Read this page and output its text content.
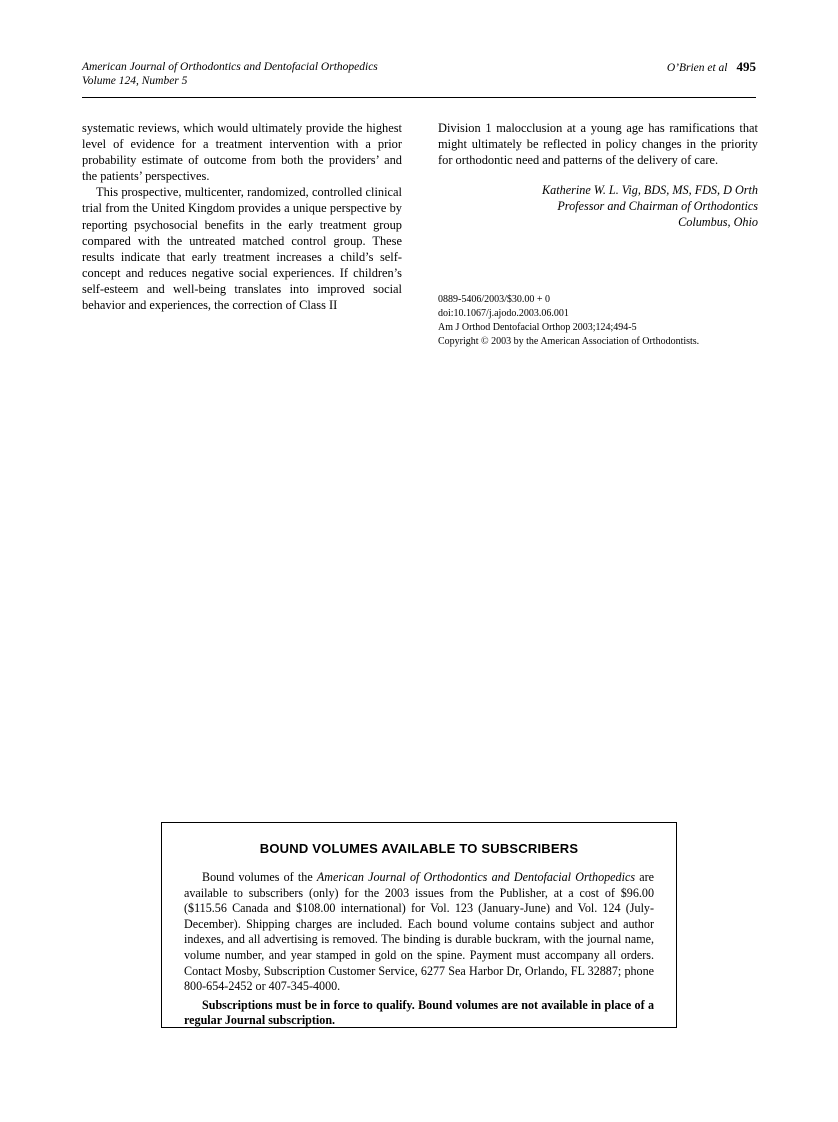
American Journal of Orthodontics and Dentofacial Orthopedics
Volume 124, Number 5
O’Brien et al 495

systematic reviews, which would ultimately provide the highest level of evidence for a treatment intervention with a prior probability estimate of outcome from both the providers’ and the patients’ perspectives.

This prospective, multicenter, randomized, controlled clinical trial from the United Kingdom provides a unique perspective by reporting psychosocial benefits in the early treatment group compared with the untreated matched control group. These results indicate that early treatment increases a child’s self-concept and reduces negative social experiences. If children’s self-esteem and well-being translates into improved social behavior and experiences, the correction of Class II

Division 1 malocclusion at a young age has ramifications that might ultimately be reflected in policy changes in the priority for orthodontic need and patterns of the delivery of care.

Katherine W. L. Vig, BDS, MS, FDS, D Orth
Professor and Chairman of Orthodontics
Columbus, Ohio
0889-5406/2003/$30.00 + 0
doi:10.1067/j.ajodo.2003.06.001
Am J Orthod Dentofacial Orthop 2003;124;494-5
Copyright © 2003 by the American Association of Orthodontists.
BOUND VOLUMES AVAILABLE TO SUBSCRIBERS

Bound volumes of the American Journal of Orthodontics and Dentofacial Orthopedics are available to subscribers (only) for the 2003 issues from the Publisher, at a cost of $96.00 ($115.56 Canada and $108.00 international) for Vol. 123 (January-June) and Vol. 124 (July-December). Shipping charges are included. Each bound volume contains subject and author indexes, and all advertising is removed. The binding is durable buckram, with the journal name, volume number, and year stamped in gold on the spine. Payment must accompany all orders. Contact Mosby, Subscription Customer Service, 6277 Sea Harbor Dr, Orlando, FL 32887; phone 800-654-2452 or 407-345-4000.

Subscriptions must be in force to qualify. Bound volumes are not available in place of a regular Journal subscription.
